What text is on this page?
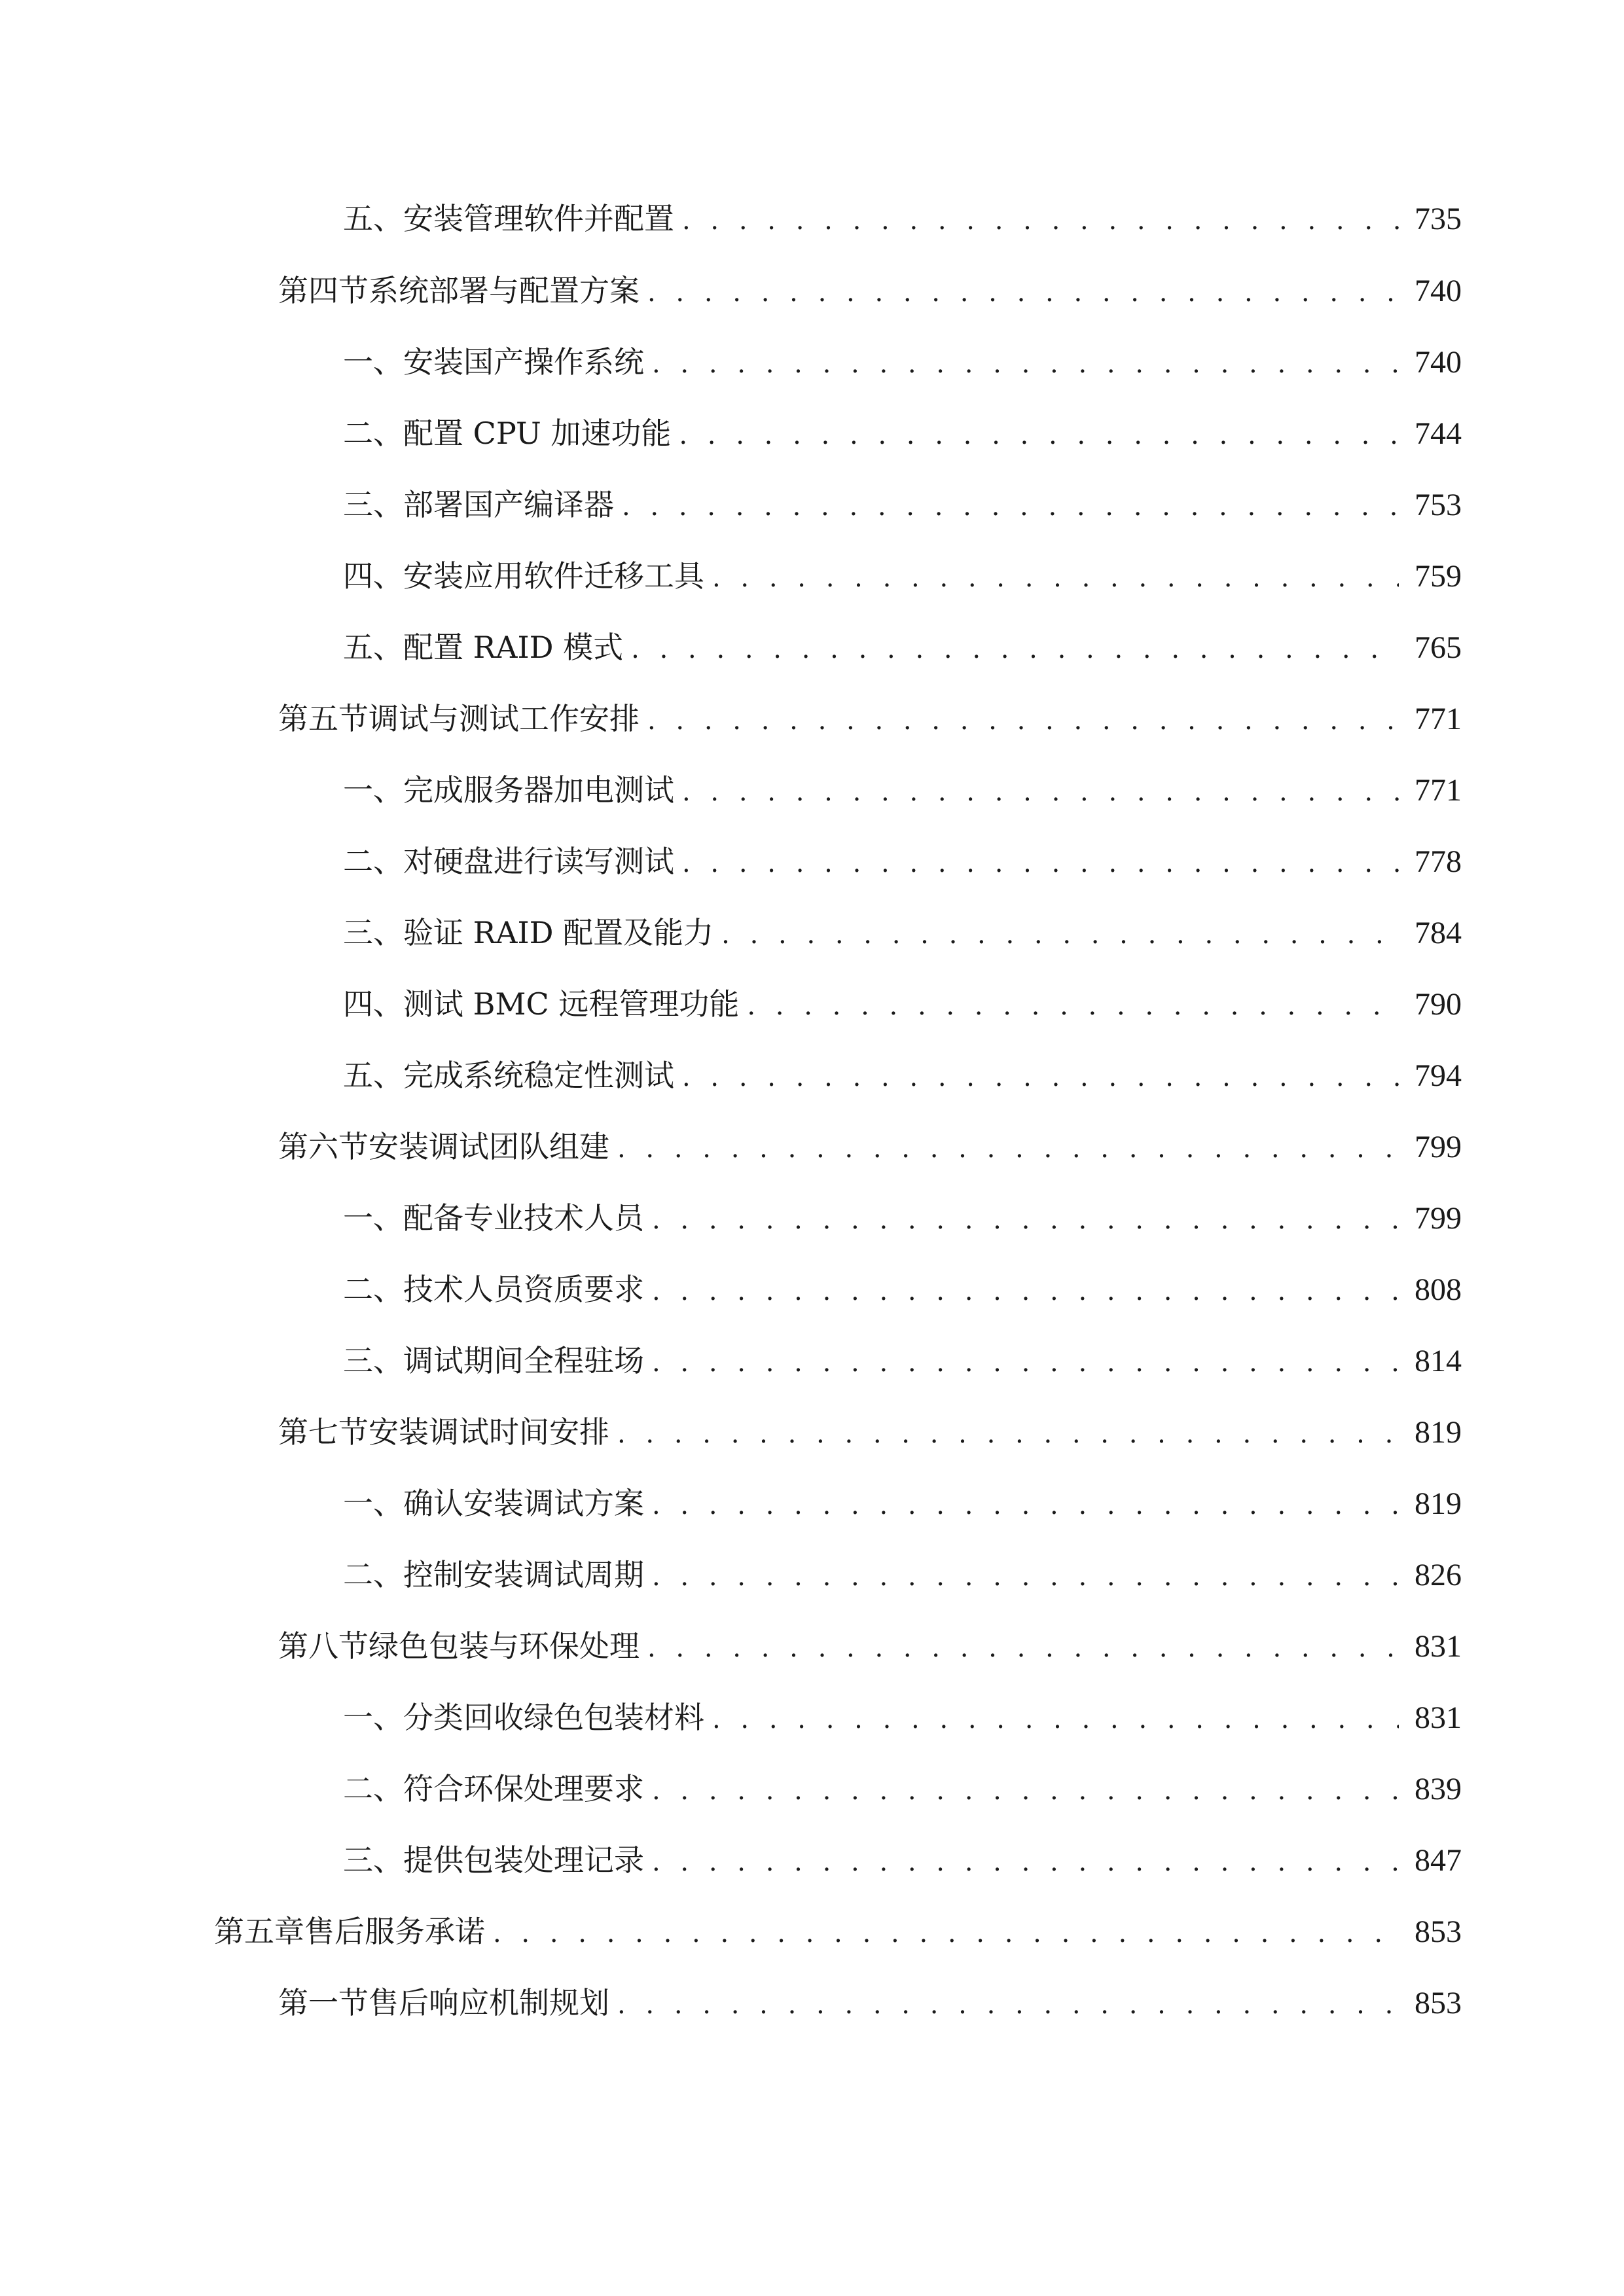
五、 安装管理软件并配置 . . .	735
第四节 系统部署与配置方案 . . .	740
一、 安装国产操作系统 . . .	740
二、 配置 CPU 加速功能 . . .	744
三、 部署国产编译器 . . .	753
四、 安装应用软件迁移工具 . . .	759
五、 配置 RAID 模式 . . .	765
第五节 调试与测试工作安排 . . .	771
一、 完成服务器加电测试 . . .	771
二、 对硬盘进行读写测试 . . .	778
三、 验证 RAID 配置及能力 . . .	784
四、 测试 BMC 远程管理功能 . . .	790
五、 完成系统稳定性测试 . . .	794
第六节 安装调试团队组建 . . .	799
一、 配备专业技术人员 . . .	799
二、 技术人员资质要求 . . .	808
三、 调试期间全程驻场 . . .	814
第七节 安装调试时间安排 . . .	819
一、 确认安装调试方案 . . .	819
二、 控制安装调试周期 . . .	826
第八节 绿色包装与环保处理 . . .	831
一、 分类回收绿色包装材料 . . .	831
二、 符合环保处理要求 . . .	839
三、 提供包装处理记录 . . .	847
第五章 售后服务承诺 . . .	853
第一节 售后响应机制规划 . . .	853
